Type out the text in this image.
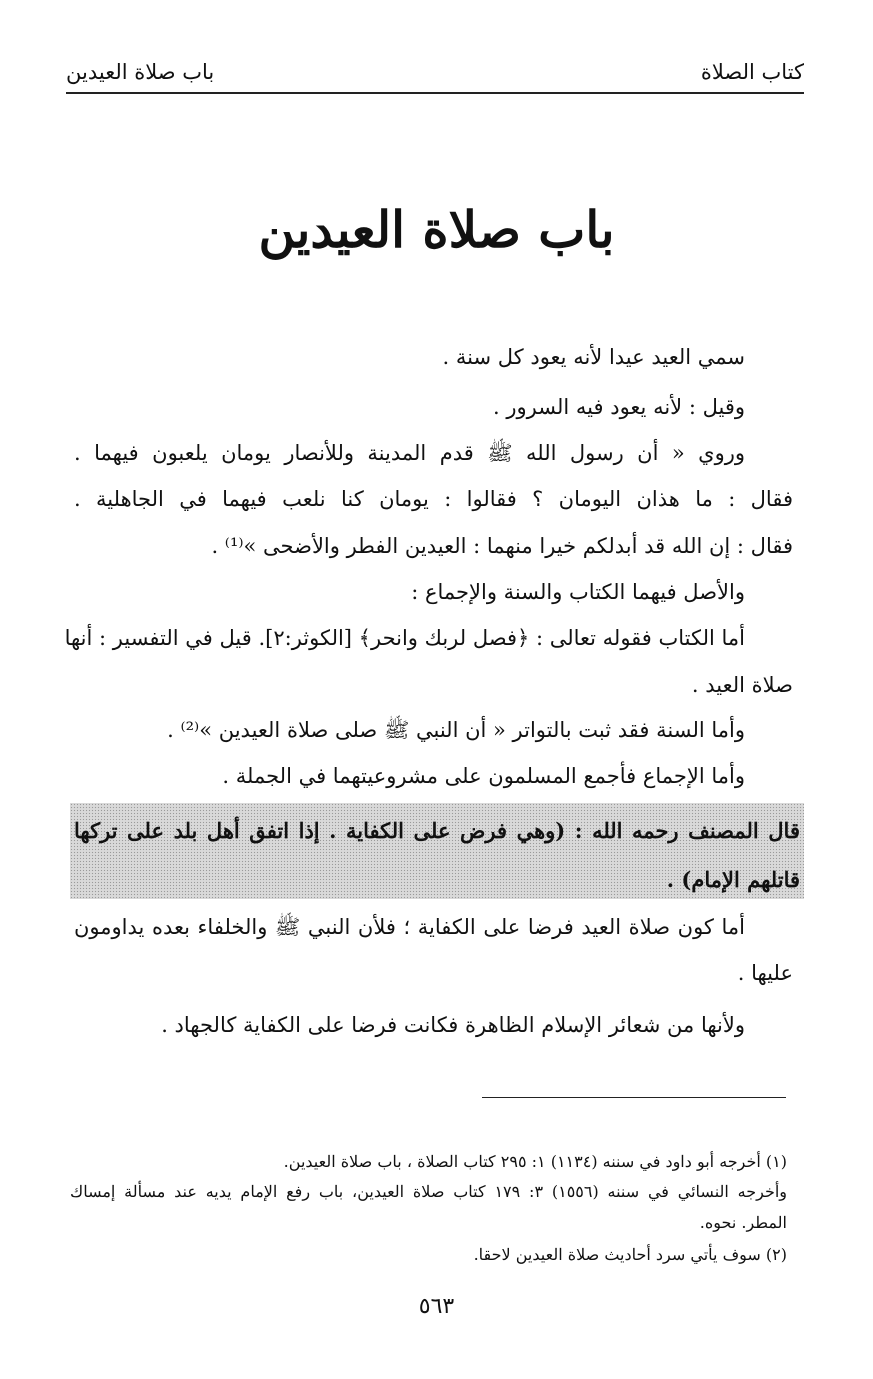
كتاب الصلاة
باب صلاة العيدين
باب صلاة العيدين
سمي العيد عيدا لأنه يعود كل سنة .
وقيل : لأنه يعود فيه السرور .
وروي « أن رسول الله ﷺ قدم المدينة وللأنصار يومان يلعبون فيهما .
فقال : ما هذان اليومان ؟ فقالوا : يومان كنا نلعب فيهما في الجاهلية .
فقال : إن الله قد أبدلكم خيرا منهما : العيدين الفطر والأضحى »⁽¹⁾ .
والأصل فيهما الكتاب والسنة والإجماع :
أما الكتاب فقوله تعالى : ﴿فصل لربك وانحر﴾ [الكوثر:٢]. قيل في التفسير : أنها
صلاة العيد .
وأما السنة فقد ثبت بالتواتر « أن النبي ﷺ صلى صلاة العيدين »⁽²⁾ .
وأما الإجماع فأجمع المسلمون على مشروعيتهما في الجملة .
قال المصنف رحمه الله : (وهي فرض على الكفاية . إذا اتفق أهل بلد على تركها
قاتلهم الإمام) .
أما كون صلاة العيد فرضا على الكفاية ؛ فلأن النبي ﷺ والخلفاء بعده يداومون
عليها .
ولأنها من شعائر الإسلام الظاهرة فكانت فرضا على الكفاية كالجهاد .
(١) أخرجه أبو داود في سننه (١١٣٤) ١: ٢٩٥ كتاب الصلاة ، باب صلاة العيدين.
وأخرجه النسائي في سننه (١٥٥٦) ٣: ١٧٩ كتاب صلاة العيدين، باب رفع الإمام يديه عند مسألة إمساك
المطر. نحوه.
(٢) سوف يأتي سرد أحاديث صلاة العيدين لاحقا.
٥٦٣
